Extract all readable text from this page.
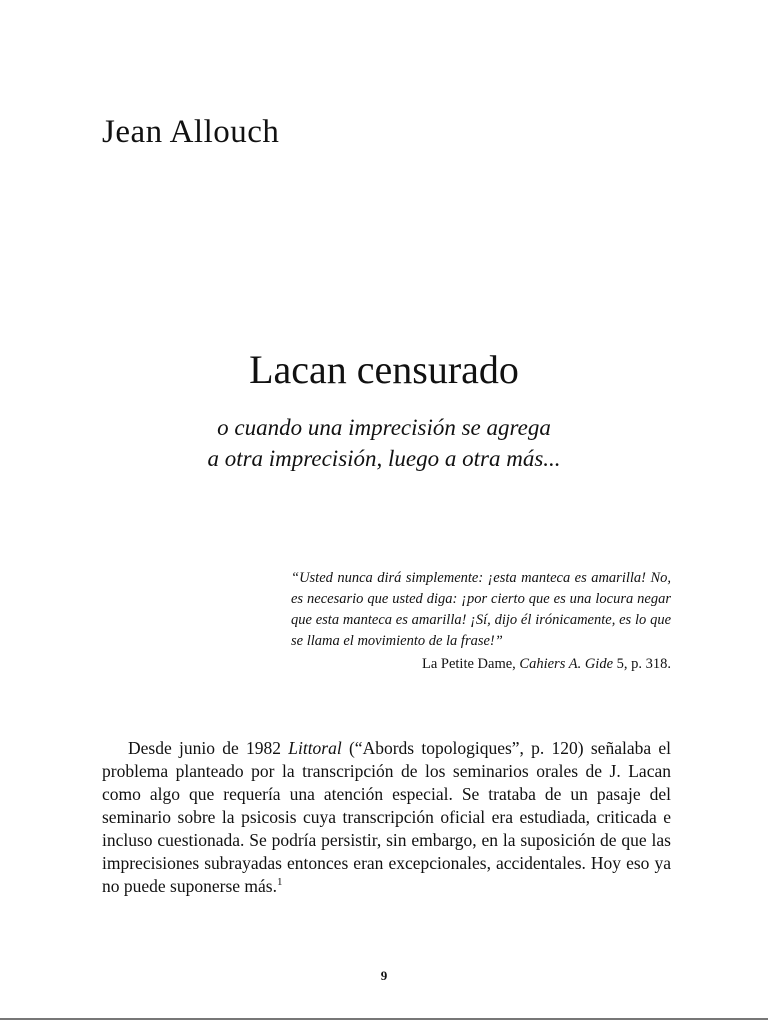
Jean Allouch
Lacan censurado
o cuando una imprecisión se agrega
a otra imprecisión, luego a otra más...
“Usted nunca dirá simplemente: ¡esta manteca es amarilla! No, es necesario que usted diga: ¡por cierto que es una locura negar que esta manteca es amarilla! ¡Sí, dijo él irónicamente, es lo que se llama el movimiento de la frase!”
La Petite Dame, Cahiers A. Gide 5, p. 318.

Desde junio de 1982 Littoral (“Abords topologiques”, p. 120) señalaba el problema planteado por la transcripción de los seminarios orales de J. Lacan como algo que requería una atención especial. Se trataba de un pasaje del seminario sobre la psicosis cuya transcripción oficial era estudiada, criticada e incluso cuestionada. Se podría persistir, sin embargo, en la suposición de que las imprecisiones subrayadas entonces eran excepcionales, accidentales. Hoy eso ya no puede suponerse más.$^1$

9
